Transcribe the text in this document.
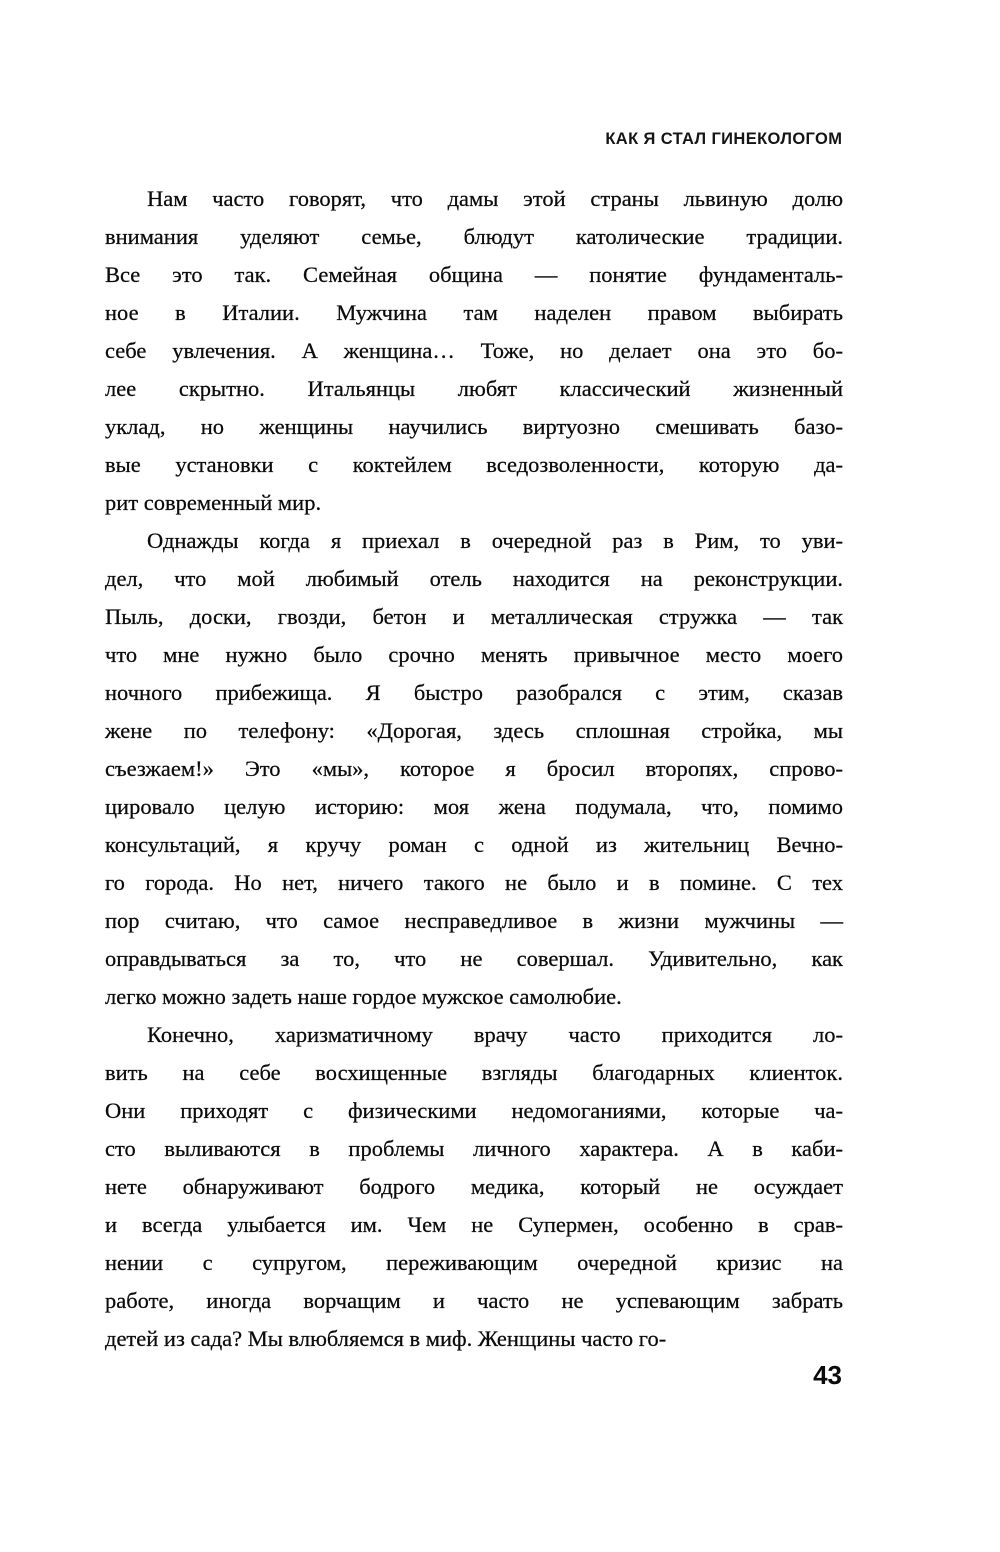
КАК Я СТАЛ ГИНЕКОЛОГОМ
Нам часто говорят, что дамы этой страны львиную долю
внимания уделяют семье, блюдут католические традиции.
Все это так. Семейная община — понятие фундаменталь-
ное в Италии. Мужчина там наделен правом выбирать
себе увлечения. А женщина… Тоже, но делает она это бо-
лее скрытно. Итальянцы любят классический жизненный
уклад, но женщины научились виртуозно смешивать базо-
вые установки с коктейлем вседозволенности, которую да-
рит современный мир.
Однажды когда я приехал в очередной раз в Рим, то уви-
дел, что мой любимый отель находится на реконструкции.
Пыль, доски, гвозди, бетон и металлическая стружка — так
что мне нужно было срочно менять привычное место моего
ночного прибежища. Я быстро разобрался с этим, сказав
жене по телефону: «Дорогая, здесь сплошная стройка, мы
съезжаем!» Это «мы», которое я бросил второпях, спрово-
цировало целую историю: моя жена подумала, что, помимо
консультаций, я кручу роман с одной из жительниц Вечно-
го города. Но нет, ничего такого не было и в помине. С тех
пор считаю, что самое несправедливое в жизни мужчины —
оправдываться за то, что не совершал. Удивительно, как
легко можно задеть наше гордое мужское самолюбие.
Конечно, харизматичному врачу часто приходится ло-
вить на себе восхищенные взгляды благодарных клиенток.
Они приходят с физическими недомоганиями, которые ча-
сто выливаются в проблемы личного характера. А в каби-
нете обнаруживают бодрого медика, который не осуждает
и всегда улыбается им. Чем не Супермен, особенно в срав-
нении с супругом, переживающим очередной кризис на
работе, иногда ворчащим и часто не успевающим забрать
детей из сада? Мы влюбляемся в миф. Женщины часто го-
43
